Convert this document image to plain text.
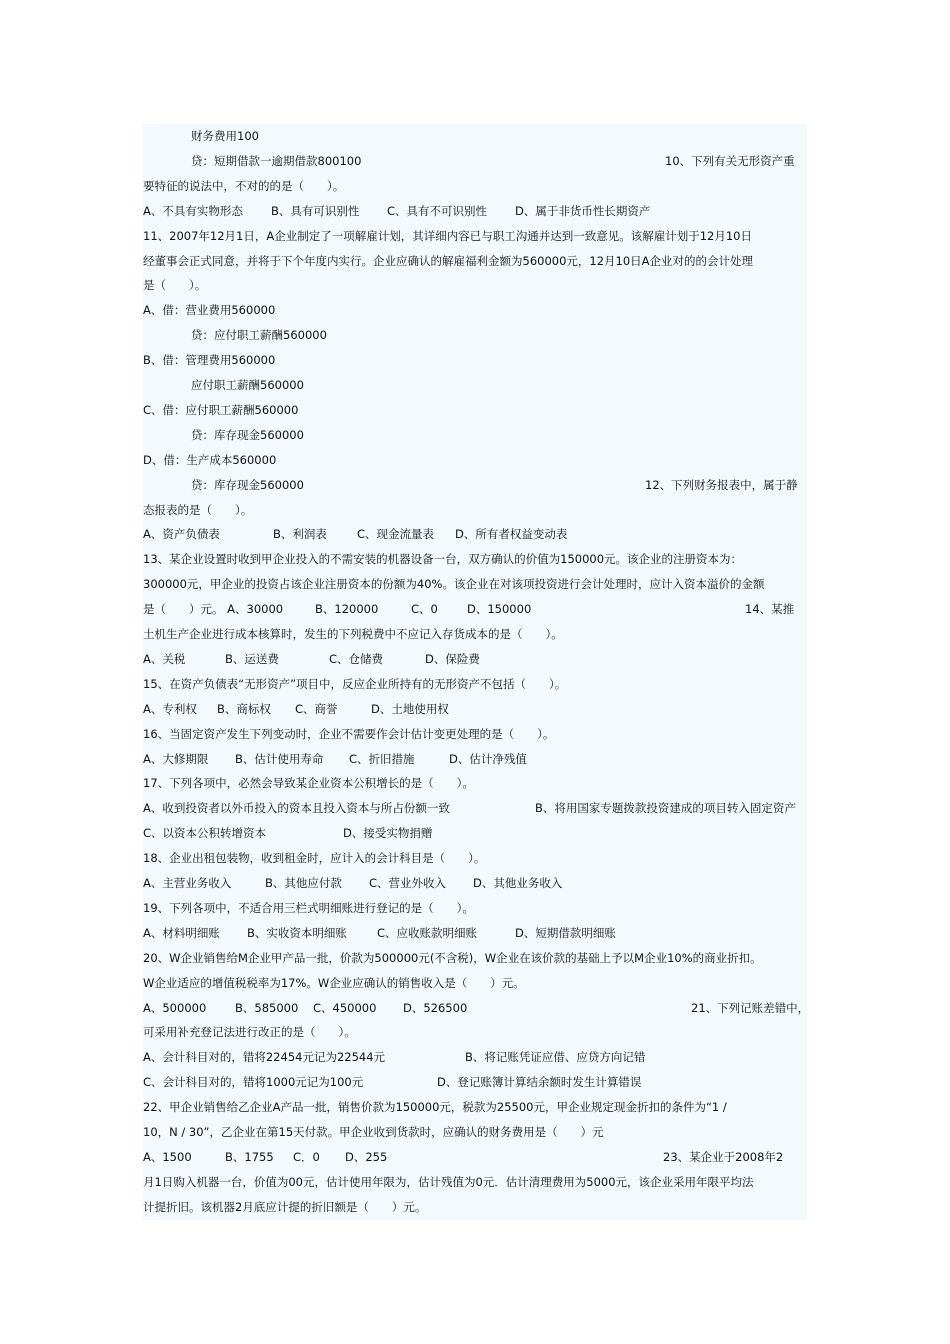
财务费用100
贷：短期借款一逾期借款800100	10、下列有关无形资产重
要特征的说法中，不对的的是（　　）。
A、不具有实物形态 B、具有可识别性 C、具有不可识别性 D、属于非货币性长期资产
11、2007年12月1日，A企业制定了一项解雇计划，其详细内容已与职工沟通并达到一致意见。该解雇计划于12月10日
经董事会正式同意，并将于下个年度内实行。企业应确认的解雇福利金额为560000元，12月10日A企业对的的会计处理
是（　　）。
A、借：营业费用560000
贷：应付职工薪酬560000
B、借：管理费用560000
应付职工薪酬560000
C、借：应付职工薪酬560000
贷：库存现金560000
D、借：生产成本560000
贷：库存现金560000	12、下列财务报表中，属于静
态报表的是（　　）。
A、资产负债表	B、利润表	C、现金流量表 D、所有者权益变动表
13、某企业设置时收到甲企业投入的不需安装的机器设备一台，双方确认的价值为150000元。该企业的注册资本为：
300000元，甲企业的投资占该企业注册资本的份额为40%。该企业在对该项投资进行会计处理时，应计入资本溢价的金额
是（　　）元。 A、30000	B、120000	C、0	D、150000	14、某推
土机生产企业进行成本核算时，发生的下列税费中不应记入存货成本的是（　　）。
A、关税	B、运送费	C、仓储费	D、保险费
15、在资产负债表“无形资产”项目中，反应企业所持有的无形资产不包括（　　）。
A、专利权 B、商标权 C、商誉	D、土地使用权
16、当固定资产发生下列变动时，企业不需要作会计估计变更处理的是（　　）。
A、大修期限 B、估计使用寿命 C、折旧措施	D、估计净残值
17、下列各项中，必然会导致某企业资本公积增长的是（　　）。
A、收到投资者以外币投入的资本且投入资本与所占份额一致	B、将用国家专题拨款投资建成的项目转入固定资产
C、以资本公积转增资本	D、接受实物捐赠
18、企业出租包装物，收到租金时，应计入的会计科目是（　　）。
A、主营业务收入	B、其他应付款 C、营业外收入 D、其他业务收入
19、下列各项中，不适合用三栏式明细账进行登记的是（　　）。
A、材料明细账 B、实收资本明细账	C、应收账款明细账	D、短期借款明细账
20、W企业销售给M企业甲产品一批，价款为500000元(不含税)，W企业在该价款的基础上予以M企业10%的商业折扣。
W企业适应的增值税税率为17%。W企业应确认的销售收入是（　　）元。
A、500000 B、585000 C、450000 D、526500	21、下列记账差错中，
可采用补充登记法进行改正的是（　　）。
A、会计科目对的，错将22454元记为22544元	B、将记账凭证应借、应贷方向记错
C、会计科目对的，错将1000元记为100元	D、登记账簿计算结余额时发生计算错误
22、甲企业销售给乙企业A产品一批，销售价款为150000元，税款为25500元，甲企业规定现金折扣的条件为“1 /
10，N / 30”，乙企业在第15天付款。甲企业收到货款时，应确认的财务费用是（　　）元
A、1500	B、1755 C．0 D、255	23、某企业于2008年2
月1日购入机器一台，价值为00元，估计使用年限为，估计残值为0元．估计清理费用为5000元，该企业采用年限平均法
计提折旧。该机器2月底应计提的折旧额是（　　）元。
